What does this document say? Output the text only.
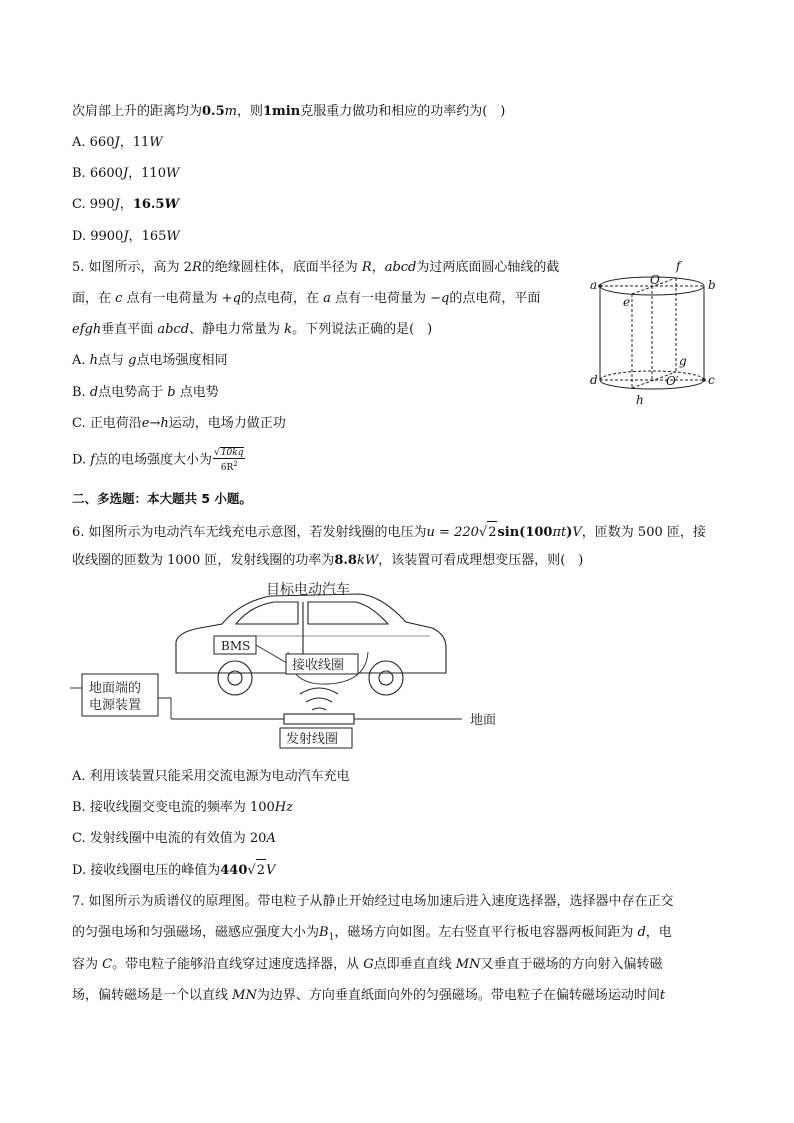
次肩部上升的距离均为0.5m，则1min克服重力做功和相应的功率约为(　)
A. 660J，11W
B. 6600J，110W
C. 990J，16.5W
D. 9900J，165W
5. 如图所示，高为 2R的绝缘圆柱体，底面半径为 R，abcd为过两底面圆心轴线的截
面，在 c 点有一电荷量为 +q的点电荷，在 a 点有一电荷量为 −q的点电荷，平面
efgh垂直平面 abcd、静电力常量为 k。下列说法正确的是(　)
A. h点与 g点电场强度相同
B. d点电势高于 b 点电势
C. 正电荷沿e→h运动，电场力做正功
D. f点的电场强度大小为 $\frac{√10kq}{6R^2}$
a	b
c
d
e
f
g
h
O
O′
二、多选题：本大题共 5 小题。
6. 如图所示为电动汽车无线充电示意图，若发射线圈的电压为u = 220√2sin(100πt)V，匝数为 500 匝，接
收线圈的匝数为 1000 匝，发射线圈的功率为8.8kW，该装置可看成理想变压器，则(　)
目标电动汽车
BMS
接收线圈
地面端的
电源装置
地面
发射线圈
A. 利用该装置只能采用交流电源为电动汽车充电
B. 接收线圈交变电流的频率为 100Hz
C. 发射线圈中电流的有效值为 20A
D. 接收线圈电压的峰值为440√2V
7. 如图所示为质谱仪的原理图。带电粒子从静止开始经过电场加速后进入速度选择器，选择器中存在正交
的匀强电场和匀强磁场，磁感应强度大小为$B_1$，磁场方向如图。左右竖直平行板电容器两板间距为 d，电
容为 C。带电粒子能够沿直线穿过速度选择器，从 G点即垂直直线 MN又垂直于磁场的方向射入偏转磁
场，偏转磁场是一个以直线 MN为边界、方向垂直纸面向外的匀强磁场。带电粒子在偏转磁场运动时间t
